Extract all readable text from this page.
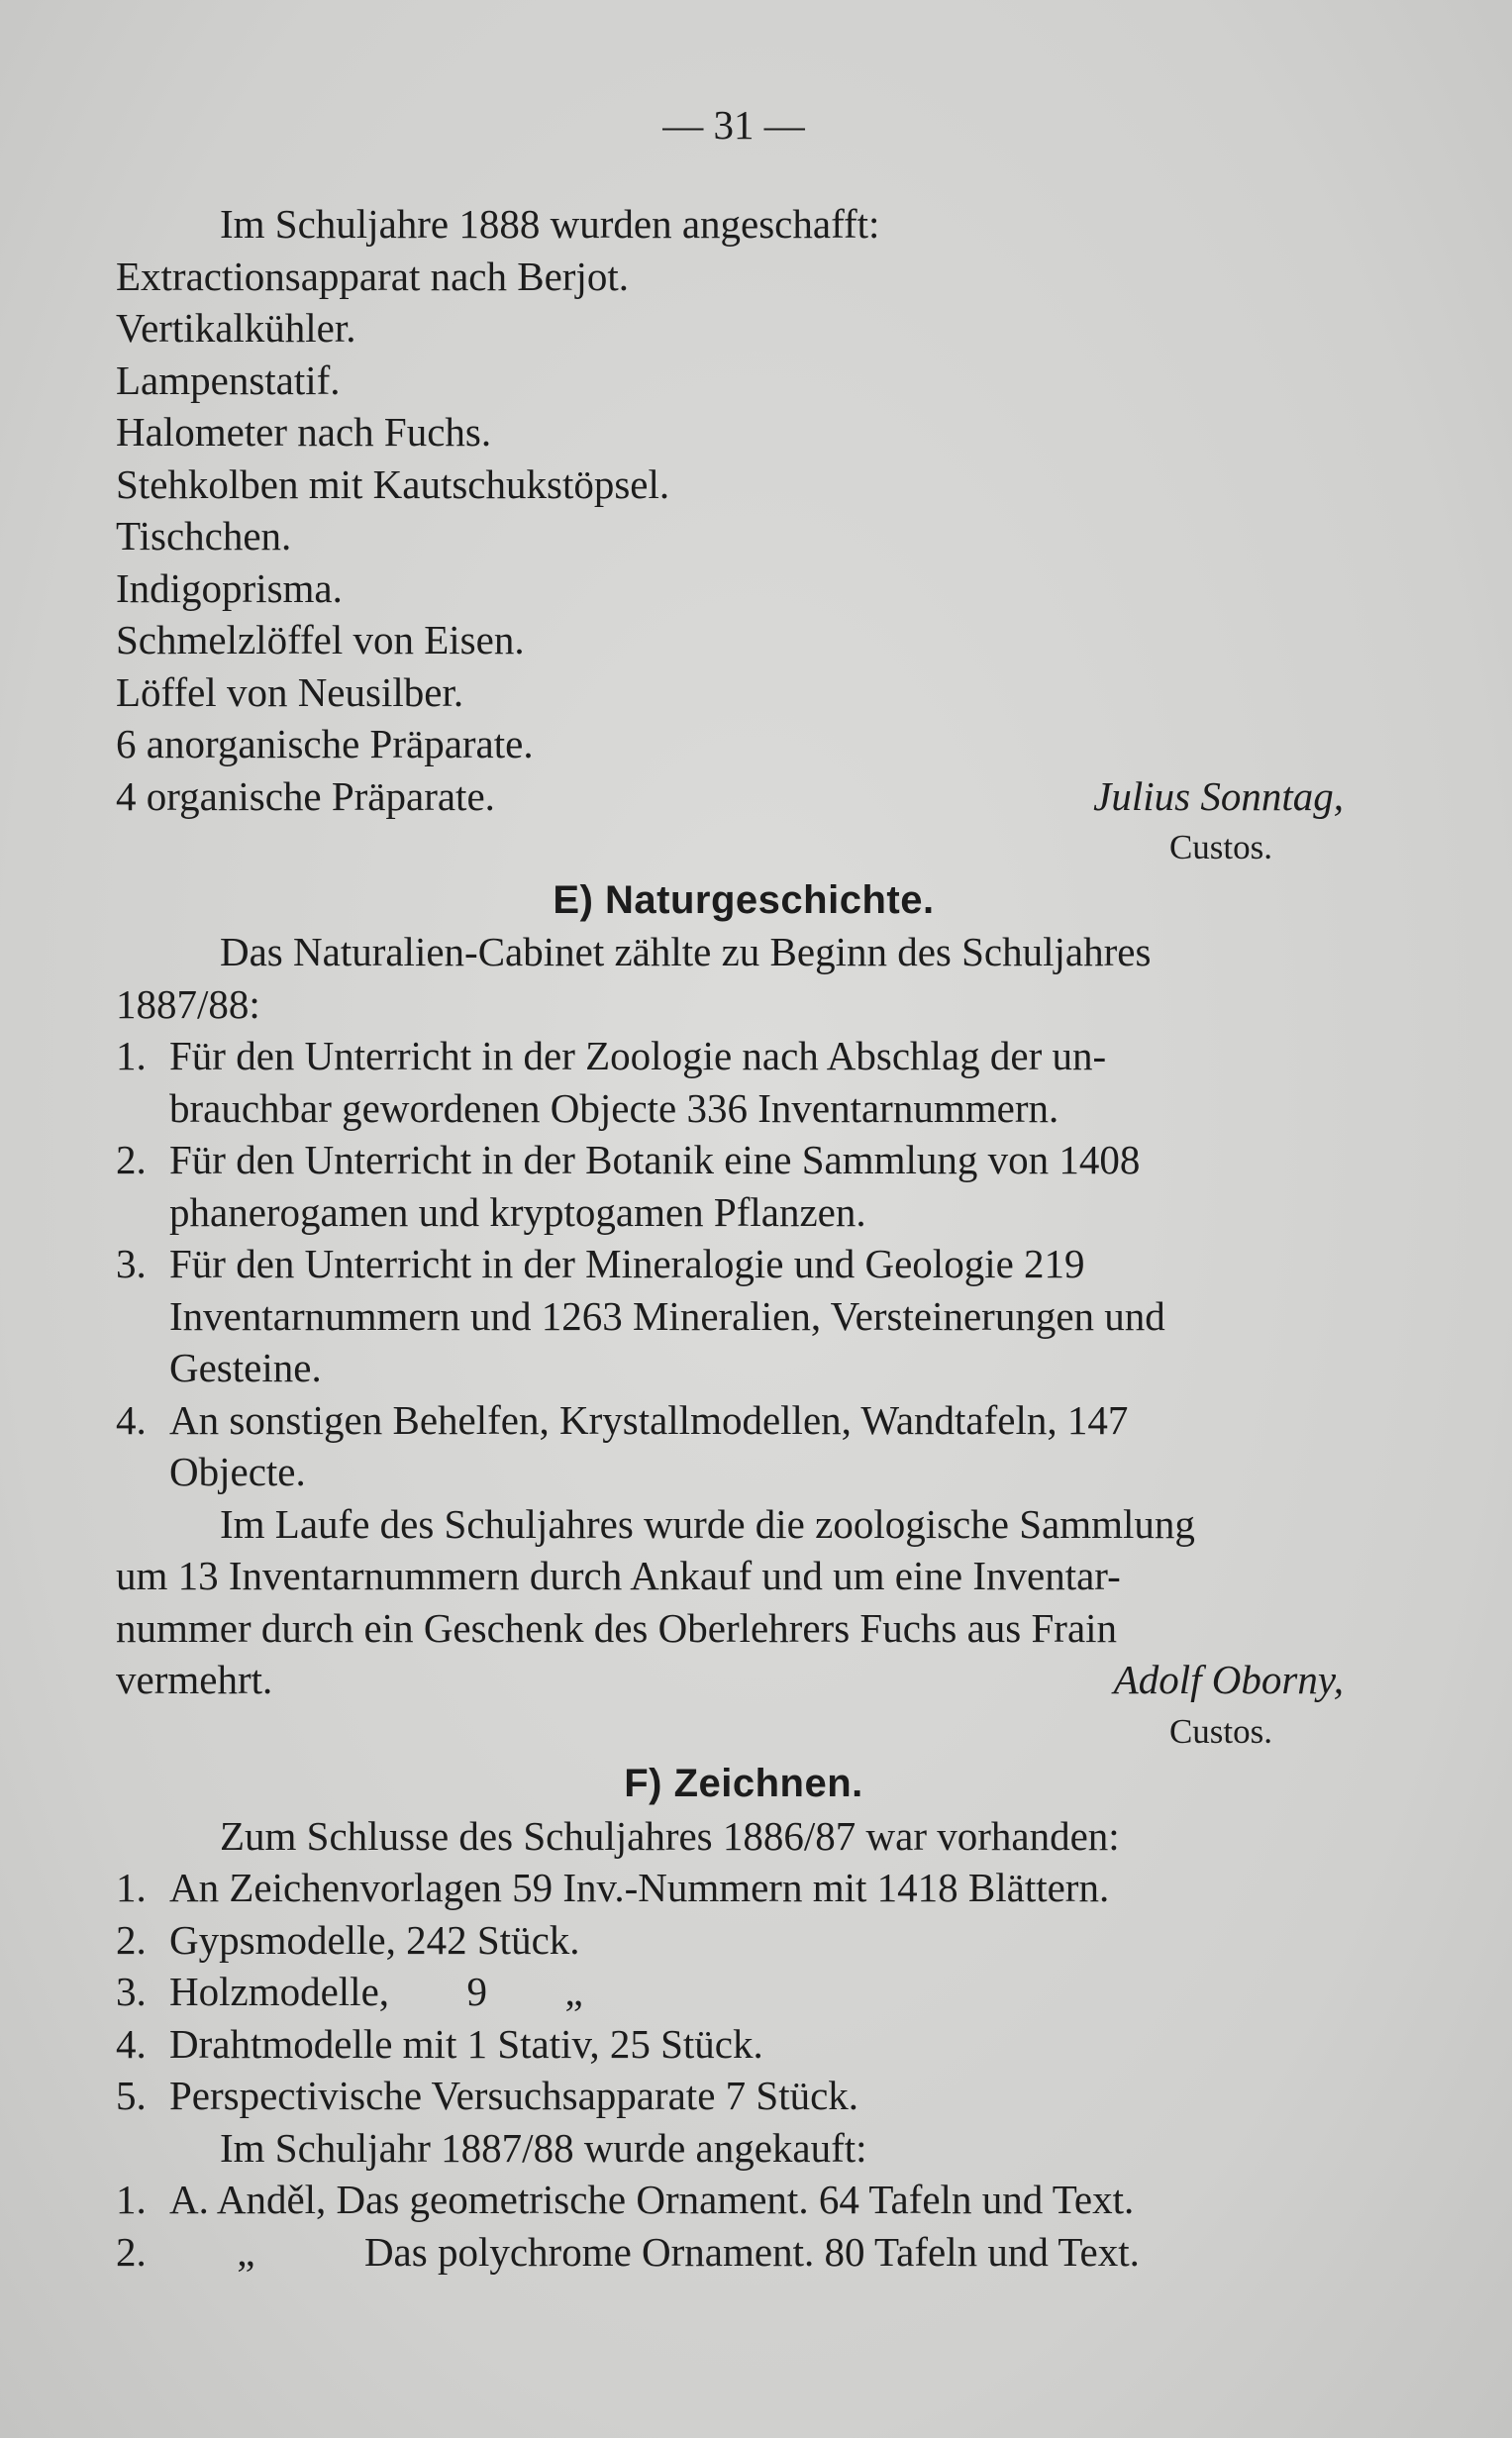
— 31 —
Im Schuljahre 1888 wurden angeschafft:
Extractionsapparat nach Berjot.
Vertikalkühler.
Lampenstatif.
Halometer nach Fuchs.
Stehkolben mit Kautschukstöpsel.
Tischchen.
Indigoprisma.
Schmelzlöffel von Eisen.
Löffel von Neusilber.
6 anorganische Präparate.
4 organische Präparate.	Julius Sonntag,
Custos.
E) Naturgeschichte.
Das Naturalien-Cabinet zählte zu Beginn des Schuljahres
1887/88:
1. Für den Unterricht in der Zoologie nach Abschlag der un-
brauchbar gewordenen Objecte 336 Inventarnummern.
2. Für den Unterricht in der Botanik eine Sammlung von 1408
phanerogamen und kryptogamen Pflanzen.
3. Für den Unterricht in der Mineralogie und Geologie 219
Inventarnummern und 1263 Mineralien, Versteinerungen und
Gesteine.
4. An sonstigen Behelfen, Krystallmodellen, Wandtafeln, 147
Objecte.
Im Laufe des Schuljahres wurde die zoologische Sammlung
um 13 Inventarnummern durch Ankauf und um eine Inventar-
nummer durch ein Geschenk des Oberlehrers Fuchs aus Frain
vermehrt.	Adolf Oborny,
Custos.
F) Zeichnen.
Zum Schlusse des Schuljahres 1886/87 war vorhanden:
1. An Zeichenvorlagen 59 Inv.-Nummern mit 1418 Blättern.
2. Gypsmodelle, 242 Stück.
3. Holzmodelle, 9 „
4. Drahtmodelle mit 1 Stativ, 25 Stück.
5. Perspectivische Versuchsapparate 7 Stück.
Im Schuljahr 1887/88 wurde angekauft:
1. A. Anděl, Das geometrische Ornament. 64 Tafeln und Text.
2.	„	Das polychrome Ornament. 80 Tafeln und Text.
